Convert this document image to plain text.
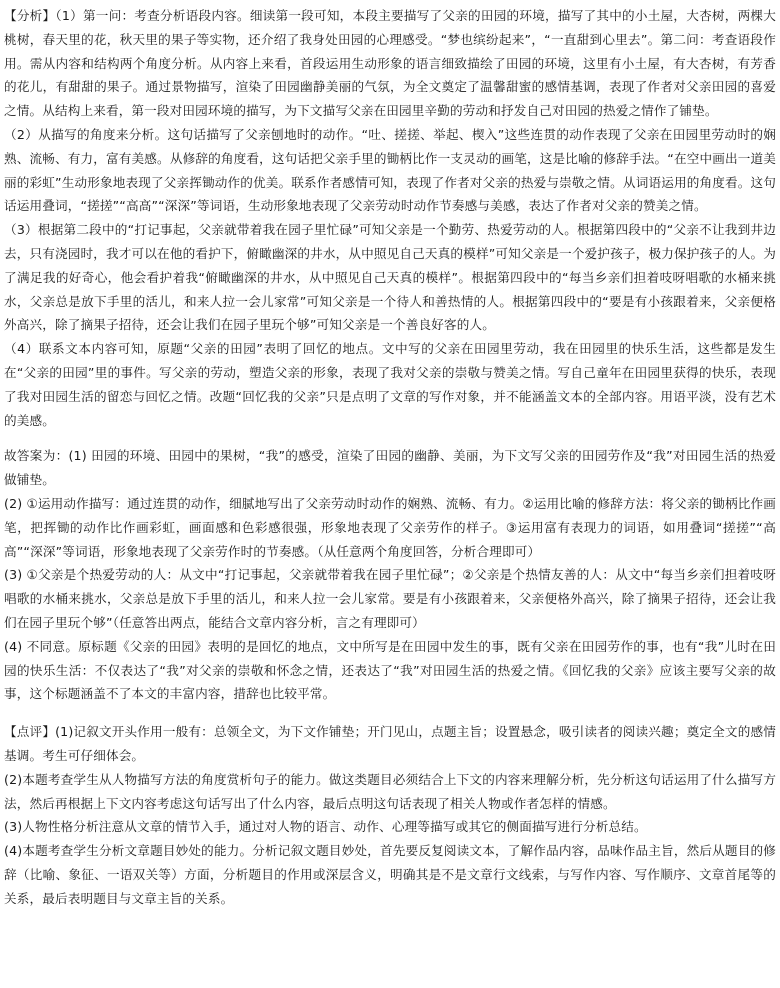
【分析】（1）第一问：考查分析语段内容。细读第一段可知，本段主要描写了父亲的田园的环境，描写了其中的小土屋，大杏树，两棵大桃树，春天里的花，秋天里的果子等实物，还介绍了我身处田园的心理感受。“梦也缤纷起来”，“一直甜到心里去”。第二问：考查语段作用。需从内容和结构两个角度分析。从内容上来看，首段运用生动形象的语言细致描绘了田园的环境，这里有小土屋，有大杏树，有芳香的花儿，有甜甜的果子。通过景物描写，渲染了田园幽静美丽的气氛，为全文奠定了温馨甜蜜的感情基调，表现了作者对父亲田园的喜爱之情。从结构上来看，第一段对田园环境的描写，为下文描写父亲在田园里辛勤的劳动和抒发自己对田园的热爱之情作了铺垫。

（2）从描写的角度来分析。这句话描写了父亲刨地时的动作。“吐、搓搓、举起、楔入”这些连贯的动作表现了父亲在田园里劳动时的娴熟、流畅、有力，富有美感。从修辞的角度看，这句话把父亲手里的锄柄比作一支灵动的画笔，这是比喻的修辞手法。“在空中画出一道美丽的彩虹”生动形象地表现了父亲挥锄动作的优美。联系作者感情可知，表现了作者对父亲的热爱与崇敬之情。从词语运用的角度看。这句话运用叠词，“搓搓”“高高”“深深”等词语，生动形象地表现了父亲劳动时动作节奏感与美感，表达了作者对父亲的赞美之情。

（3）根据第二段中的“打记事起，父亲就带着我在园子里忙碌”可知父亲是一个勤劳、热爱劳动的人。根据第四段中的“父亲不让我到井边去，只有浇园时，我才可以在他的看护下，俯瞰幽深的井水，从中照见自己天真的模样”可知父亲是一个爱护孩子，极力保护孩子的人。为了满足我的好奇心，他会看护着我“俯瞰幽深的井水，从中照见自己天真的模样”。根据第四段中的“每当乡亲们担着吱呀唱歌的水桶来挑水，父亲总是放下手里的活儿，和来人拉一会儿家常”可知父亲是一个待人和善热情的人。根据第四段中的“要是有小孩跟着来，父亲便格外高兴，除了摘果子招待，还会让我们在园子里玩个够”可知父亲是一个善良好客的人。

（4）联系文本内容可知，原题“父亲的田园”表明了回忆的地点。文中写的父亲在田园里劳动，我在田园里的快乐生活，这些都是发生在“父亲的田园”里的事件。写父亲的劳动，塑造父亲的形象，表现了我对父亲的崇敬与赞美之情。写自己童年在田园里获得的快乐，表现了我对田园生活的留恋与回忆之情。改题“回忆我的父亲”只是点明了文章的写作对象，并不能涵盖文本的全部内容。用语平淡，没有艺术的美感。

故答案为：(1) 田园的环境、田园中的果树，“我”的感受，渲染了田园的幽静、美丽，为下文写父亲的田园劳作及“我”对田园生活的热爱做铺垫。

(2) ①运用动作描写：通过连贯的动作，细腻地写出了父亲劳动时动作的娴熟、流畅、有力。②运用比喻的修辞方法：将父亲的锄柄比作画笔，把挥锄的动作比作画彩虹，画面感和色彩感很强，形象地表现了父亲劳作的样子。③运用富有表现力的词语，如用叠词“搓搓”“高高”“深深”等词语，形象地表现了父亲劳作时的节奏感。（从任意两个角度回答，分析合理即可）

(3) ①父亲是个热爱劳动的人：从文中“打记事起，父亲就带着我在园子里忙碌”；②父亲是个热情友善的人：从文中“每当乡亲们担着吱呀唱歌的水桶来挑水，父亲总是放下手里的活儿，和来人拉一会儿家常。要是有小孩跟着来，父亲便格外高兴，除了摘果子招待，还会让我们在园子里玩个够”（任意答出两点，能结合文章内容分析，言之有理即可）

(4) 不同意。原标题《父亲的田园》表明的是回忆的地点，文中所写是在田园中发生的事，既有父亲在田园劳作的事，也有“我”儿时在田园的快乐生活：不仅表达了“我”对父亲的崇敬和怀念之情，还表达了“我”对田园生活的热爱之情。《回忆我的父亲》应该主要写父亲的故事，这个标题涵盖不了本文的丰富内容，措辞也比较平常。

【点评】(1)记叙文开头作用一般有：总领全文，为下文作铺垫；开门见山，点题主旨；设置悬念，吸引读者的阅读兴趣；奠定全文的感情基调。考生可仔细体会。

(2)本题考查学生从人物描写方法的角度赏析句子的能力。做这类题目必须结合上下文的内容来理解分析，先分析这句话运用了什么描写方法，然后再根据上下文内容考虑这句话写出了什么内容，最后点明这句话表现了相关人物或作者怎样的情感。

(3)人物性格分析注意从文章的情节入手，通过对人物的语言、动作、心理等描写或其它的侧面描写进行分析总结。

(4)本题考查学生分析文章题目妙处的能力。分析记叙文题目妙处，首先要反复阅读文本，了解作品内容，品味作品主旨，然后从题目的修辞（比喻、象征、一语双关等）方面，分析题目的作用或深层含义，明确其是不是文章行文线索，与写作内容、写作顺序、文章首尾等的关系，最后表明题目与文章主旨的关系。
